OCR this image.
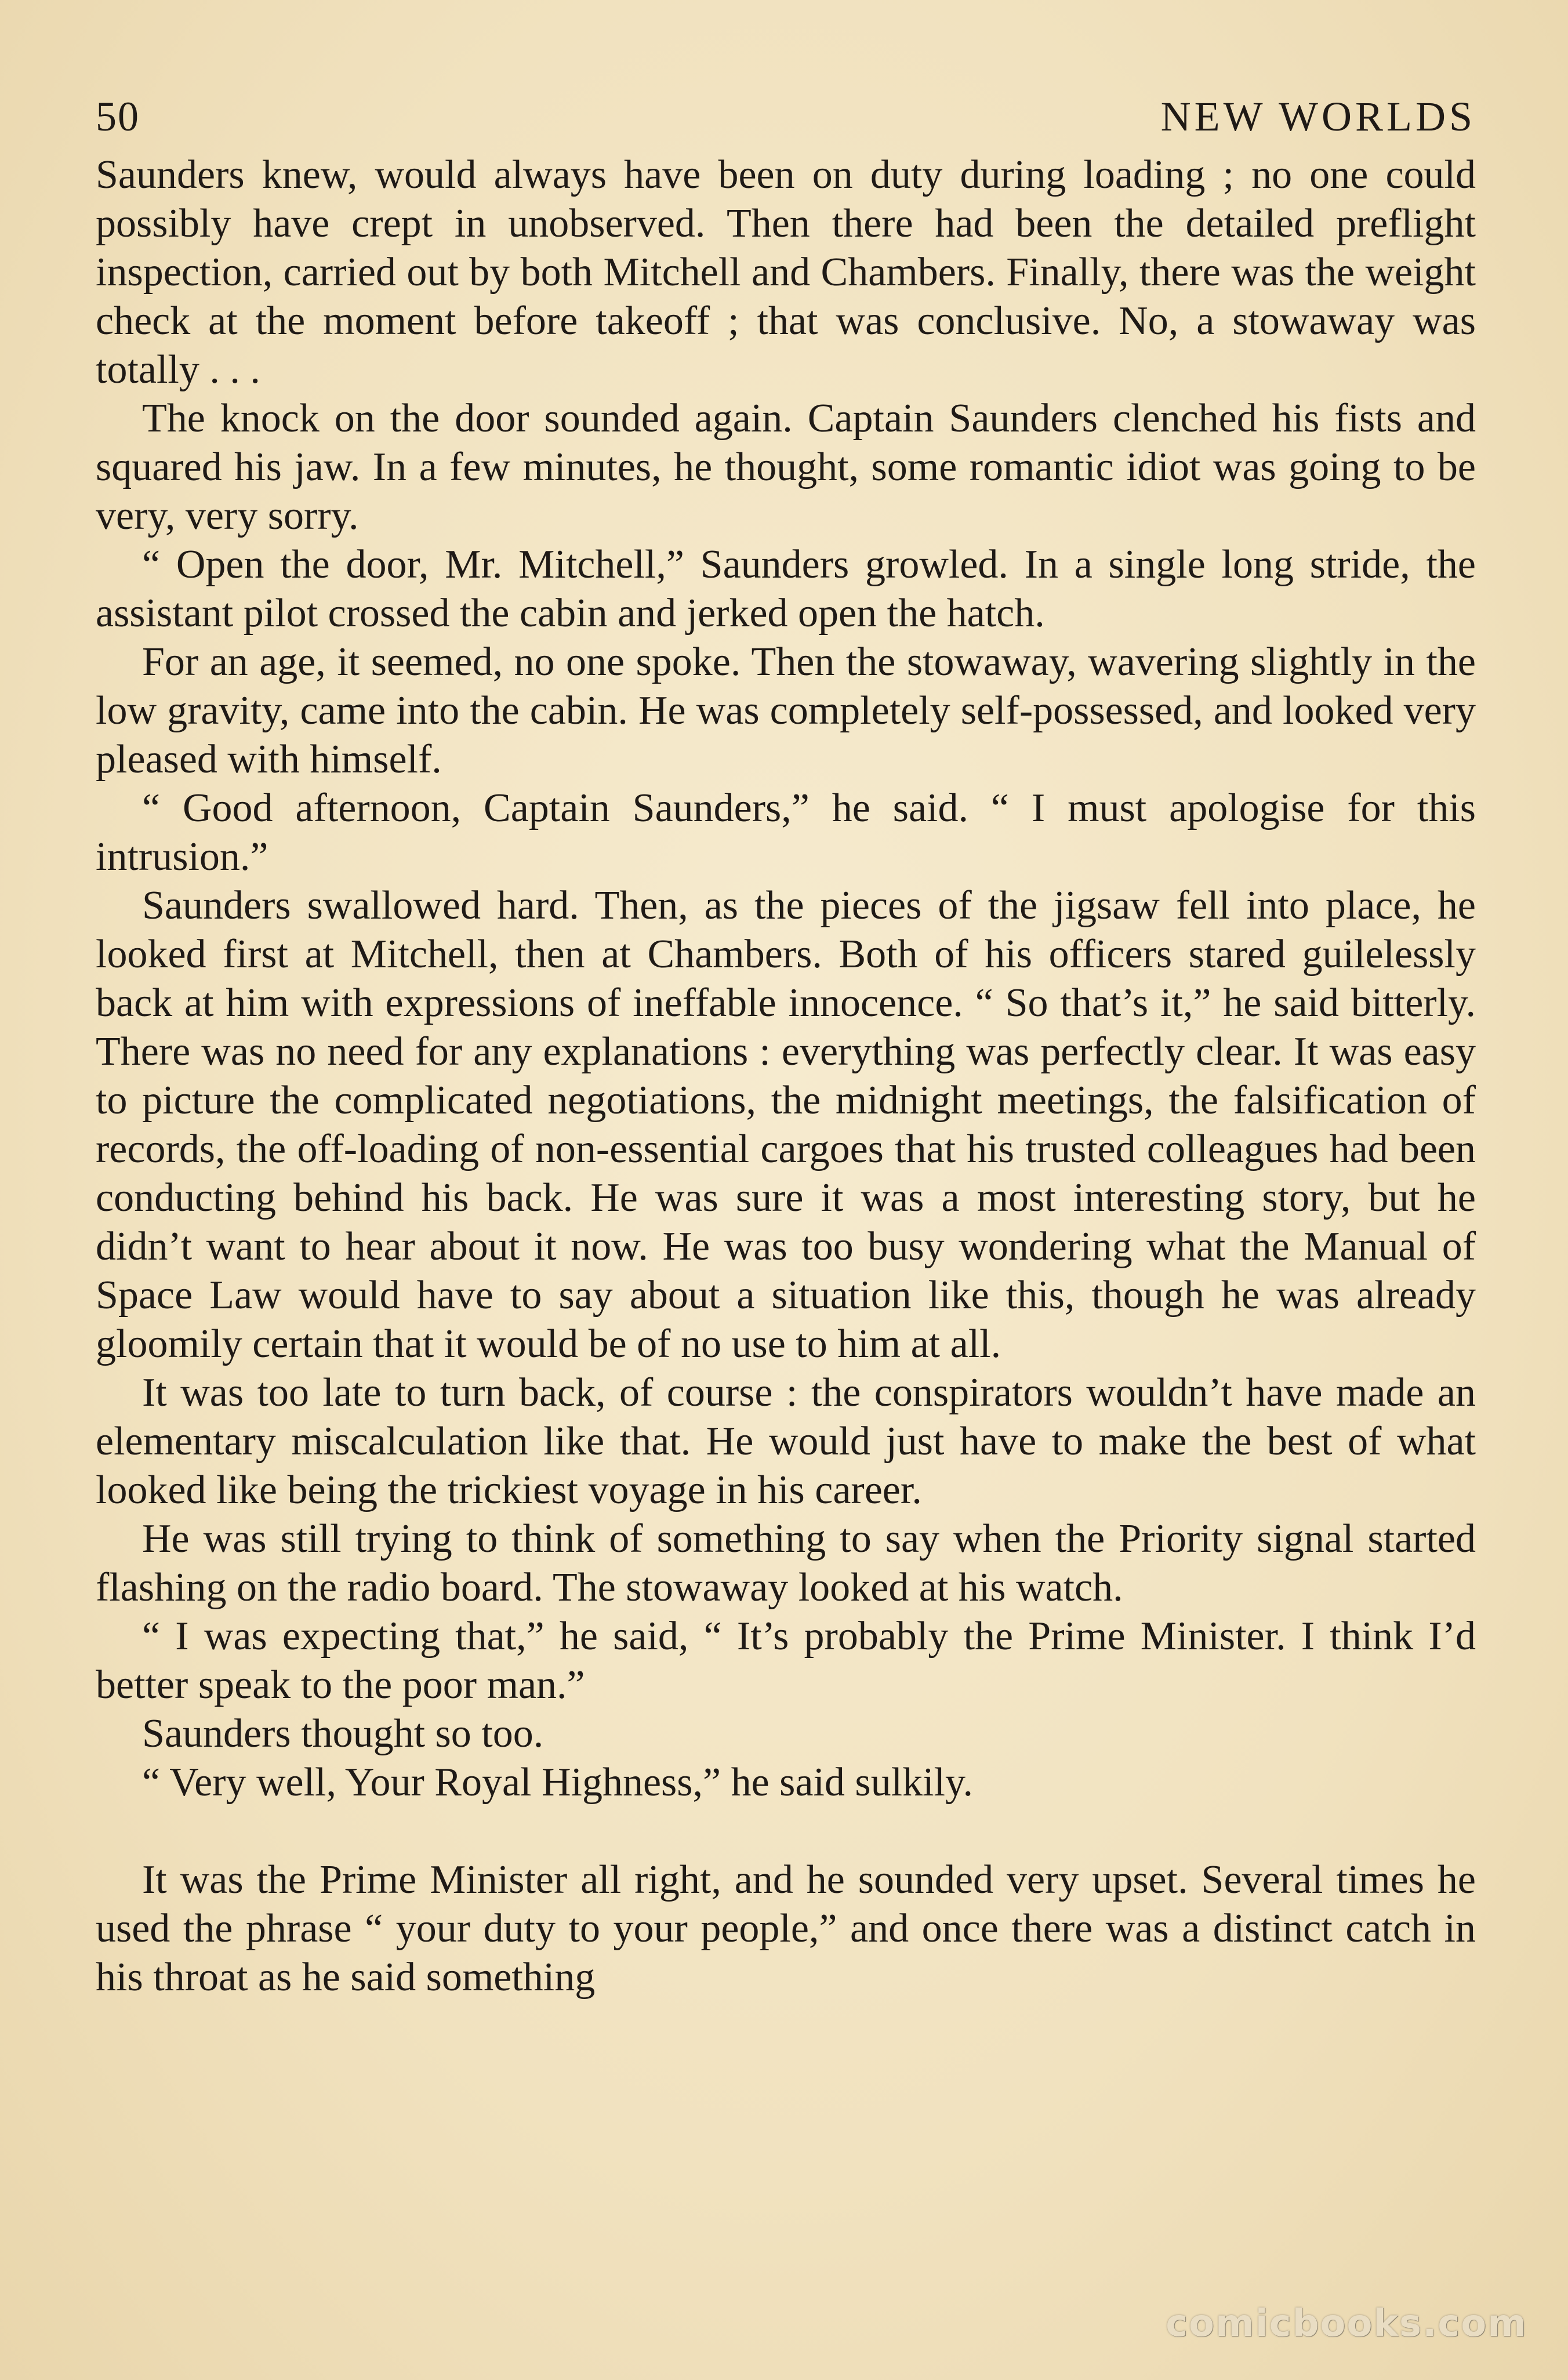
50	NEW WORLDS

Saunders knew, would always have been on duty during loading ; no one could possibly have crept in unobserved. Then there had been the detailed preflight inspection, carried out by both Mitchell and Chambers. Finally, there was the weight check at the moment before takeoff ; that was conclusive. No, a stowaway was totally . . .

The knock on the door sounded again. Captain Saunders clenched his fists and squared his jaw. In a few minutes, he thought, some romantic idiot was going to be very, very sorry.

“ Open the door, Mr. Mitchell,” Saunders growled. In a single long stride, the assistant pilot crossed the cabin and jerked open the hatch.

For an age, it seemed, no one spoke. Then the stowaway, wavering slightly in the low gravity, came into the cabin. He was completely self-possessed, and looked very pleased with himself.

“ Good afternoon, Captain Saunders,” he said. “ I must apologise for this intrusion.”

Saunders swallowed hard. Then, as the pieces of the jigsaw fell into place, he looked first at Mitchell, then at Chambers. Both of his officers stared guilelessly back at him with expressions of ineffable innocence. “ So that’s it,” he said bitterly. There was no need for any explanations : everything was perfectly clear. It was easy to picture the complicated negotiations, the midnight meetings, the falsification of records, the off-loading of non-essential cargoes that his trusted colleagues had been conducting behind his back. He was sure it was a most interesting story, but he didn’t want to hear about it now. He was too busy wondering what the Manual of Space Law would have to say about a situation like this, though he was already gloomily certain that it would be of no use to him at all.

It was too late to turn back, of course : the conspirators wouldn’t have made an elementary miscalculation like that. He would just have to make the best of what looked like being the trickiest voyage in his career.

He was still trying to think of something to say when the Priority signal started flashing on the radio board. The stowaway looked at his watch.

“ I was expecting that,” he said, “ It’s probably the Prime Minister. I think I’d better speak to the poor man.”

Saunders thought so too.

“ Very well, Your Royal Highness,” he said sulkily.

It was the Prime Minister all right, and he sounded very upset. Several times he used the phrase “ your duty to your people,” and once there was a distinct catch in his throat as he said something

comicbooks.com
